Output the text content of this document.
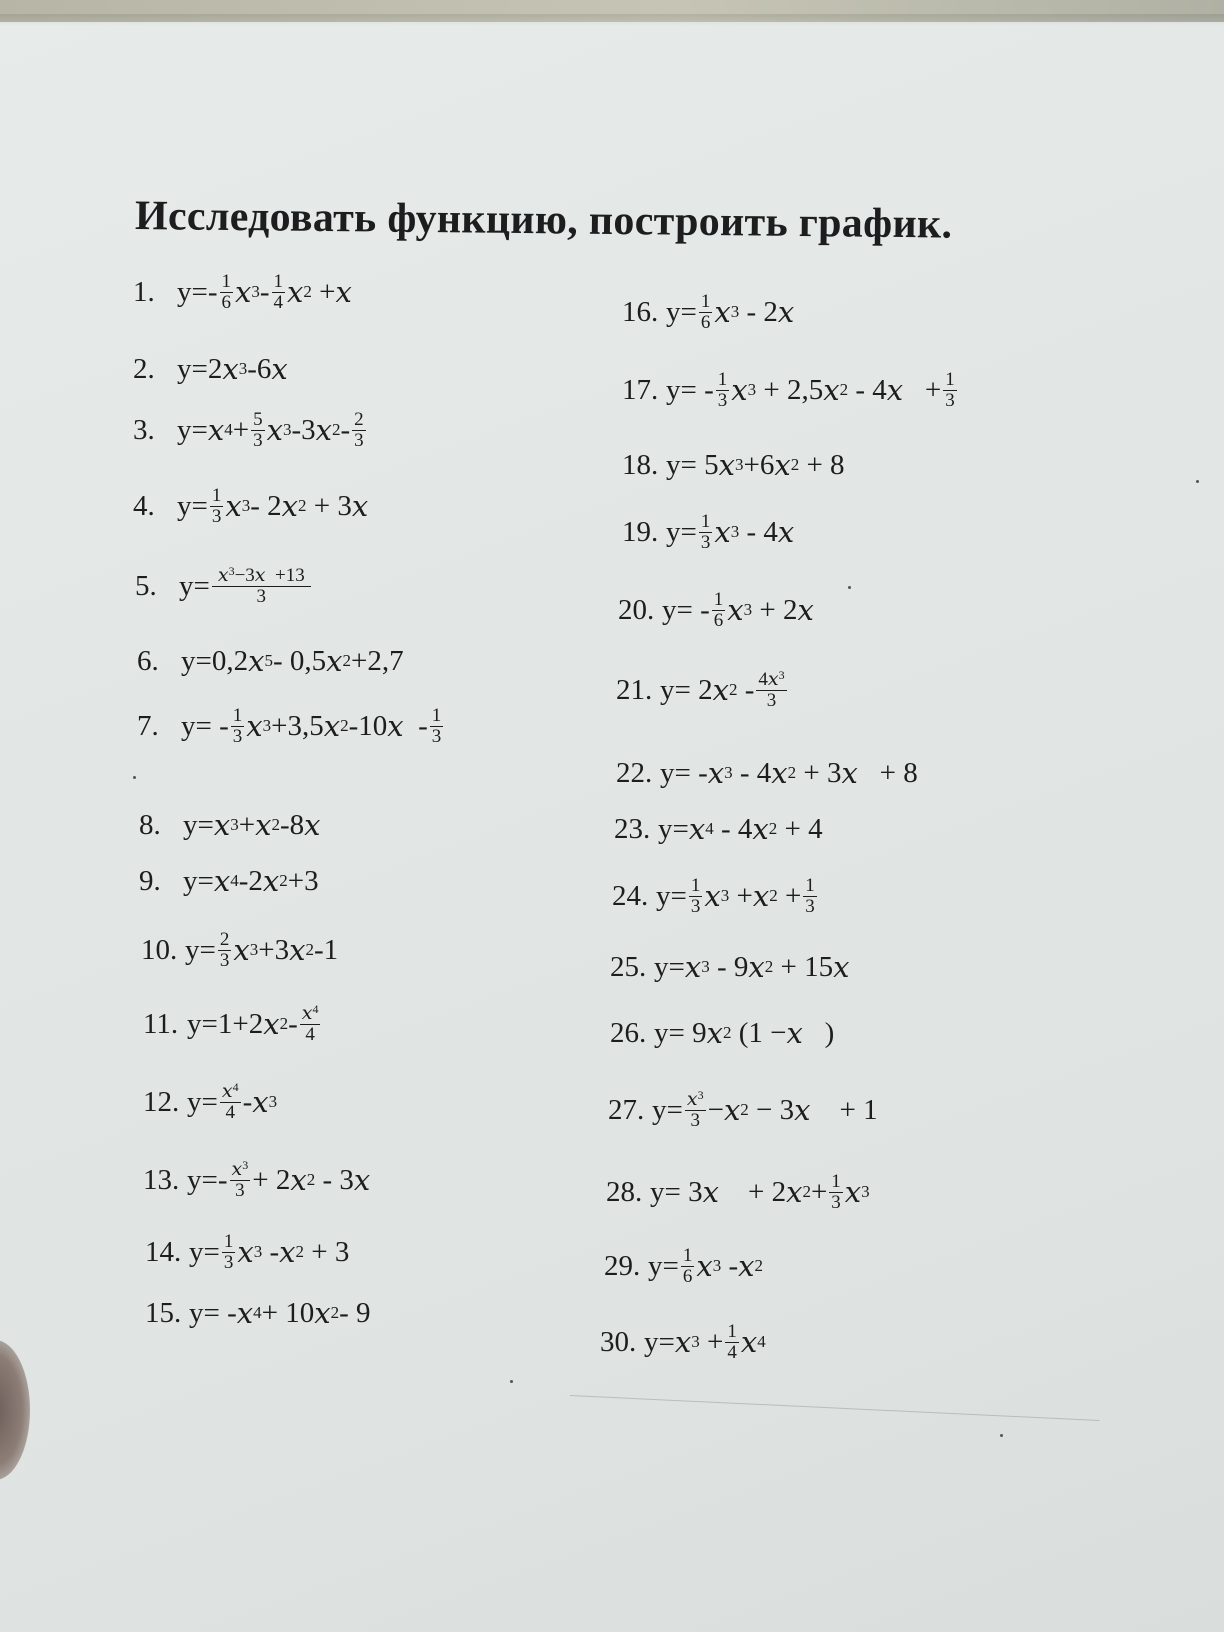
Исследовать функцию, построить график.
1. $y=- \frac{1}{6}$ x $3 - \frac{1}{4}$ x 2 + x
2. y=2 x 3 -6 x
3. y= x $4 + \frac{5}{3}$ x 3 -3 x $2 - \frac{2}{3}$
4. $y= \frac{1}{3}$ x 3 - 2 x 2 + 3 x
5. $y= \frac{x^3-3x +13}{3}$
6. y=0,2 x 5 - 0,5 x 2 +2,7
7. $y= - \frac{1}{3}$ x 3 +3,5 x 2 -10 x - $\frac{1}{3}$
8. y= x 3 + x 2 -8 x
9. y= x 4 -2 x 2 +3
10. $y= \frac{2}{3}$ x 3 +3 x 2 -1
11. y=1+2 x $2 - \frac{x^4}{4}$
12. $y= \frac{x^4}{4} - x$ 3
13. $y=- \frac{x^3}{3} + 2$ x 2 - 3 x
14. $y= \frac{1}{3}$ x 3 - x 2 + 3
15. y= - x 4 + 10 x 2 - 9
16. $y= \frac{1}{6}$ x 3 - 2 x
17. $y= - \frac{1}{3}$ x 3 + 2,5 x 2 - 4 $x + \frac{1}{3}$
18. y= 5 x 3 +6 x 2 + 8
19. $y= \frac{1}{3}$ x 3 - 4 x
20. $y= - \frac{1}{6}$ x 3 + 2 x
21. y= 2 x $2 - \frac{4x^3}{3}$
22. y= - x 3 - 4 x 2 + 3 x + 8
23. y= x 4 - 4 x 2 + 4
24. $y= \frac{1}{3}$ x 3 + x $2 + \frac{1}{3}$
25. y= x 3 - 9 x 2 + 15 x
26. y= 9 x 2 (1 − x )
27. $y= \frac{x^3}{3} - x$ 2 − 3 x + 1
28. y= 3 x + 2 x $2 + \frac{1}{3}$ x 3
29. $y= \frac{1}{6}$ x 3 - x 2
30. y= x $3 + \frac{1}{4}$ x 4
